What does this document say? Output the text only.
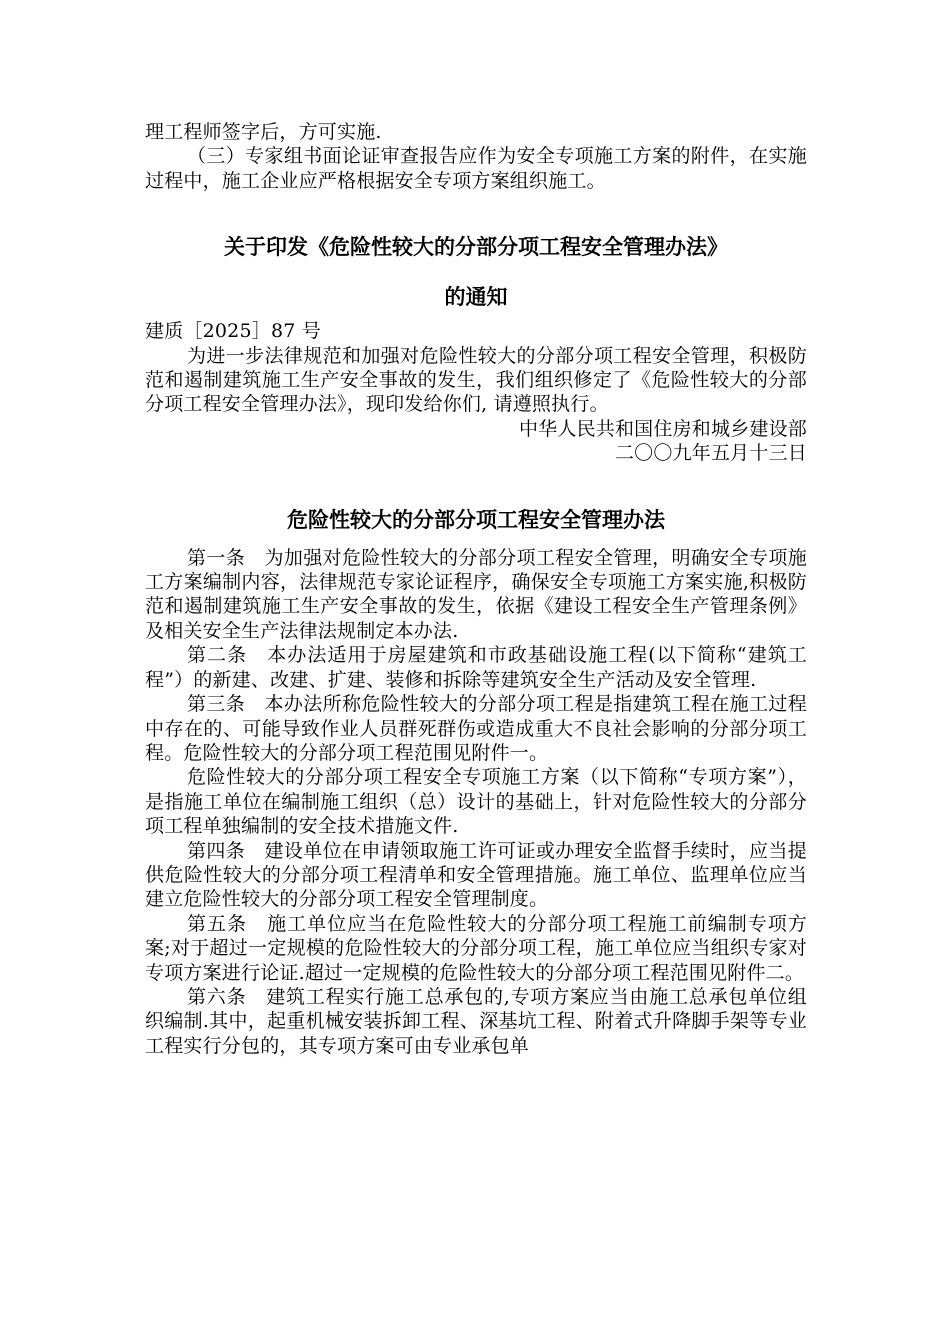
理工程师签字后，方可实施.

（三）专家组书面论证审查报告应作为安全专项施工方案的附件，在实施过程中，施工企业应严格根据安全专项方案组织施工。

关于印发《危险性较大的分部分项工程安全管理办法》
的通知

建质［2025］87 号

为进一步法律规范和加强对危险性较大的分部分项工程安全管理，积极防范和遏制建筑施工生产安全事故的发生，我们组织修定了《危险性较大的分部分项工程安全管理办法》，现印发给你们, 请遵照执行。

中华人民共和国住房和城乡建设部

二〇〇九年五月十三日

危险性较大的分部分项工程安全管理办法

第一条　为加强对危险性较大的分部分项工程安全管理，明确安全专项施工方案编制内容，法律规范专家论证程序，确保安全专项施工方案实施,积极防范和遏制建筑施工生产安全事故的发生，依据《建设工程安全生产管理条例》及相关安全生产法律法规制定本办法.

第二条　本办法适用于房屋建筑和市政基础设施工程(以下简称“建筑工程”）的新建、改建、扩建、装修和拆除等建筑安全生产活动及安全管理.

第三条　本办法所称危险性较大的分部分项工程是指建筑工程在施工过程中存在的、可能导致作业人员群死群伤或造成重大不良社会影响的分部分项工程。危险性较大的分部分项工程范围见附件一。

危险性较大的分部分项工程安全专项施工方案（以下简称“专项方案”），是指施工单位在编制施工组织（总）设计的基础上，针对危险性较大的分部分项工程单独编制的安全技术措施文件.

第四条　建设单位在申请领取施工许可证或办理安全监督手续时，应当提供危险性较大的分部分项工程清单和安全管理措施。施工单位、监理单位应当建立危险性较大的分部分项工程安全管理制度。

第五条　施工单位应当在危险性较大的分部分项工程施工前编制专项方案;对于超过一定规模的危险性较大的分部分项工程，施工单位应当组织专家对专项方案进行论证.超过一定规模的危险性较大的分部分项工程范围见附件二。

第六条　建筑工程实行施工总承包的,专项方案应当由施工总承包单位组织编制.其中，起重机械安装拆卸工程、深基坑工程、附着式升降脚手架等专业工程实行分包的，其专项方案可由专业承包单
